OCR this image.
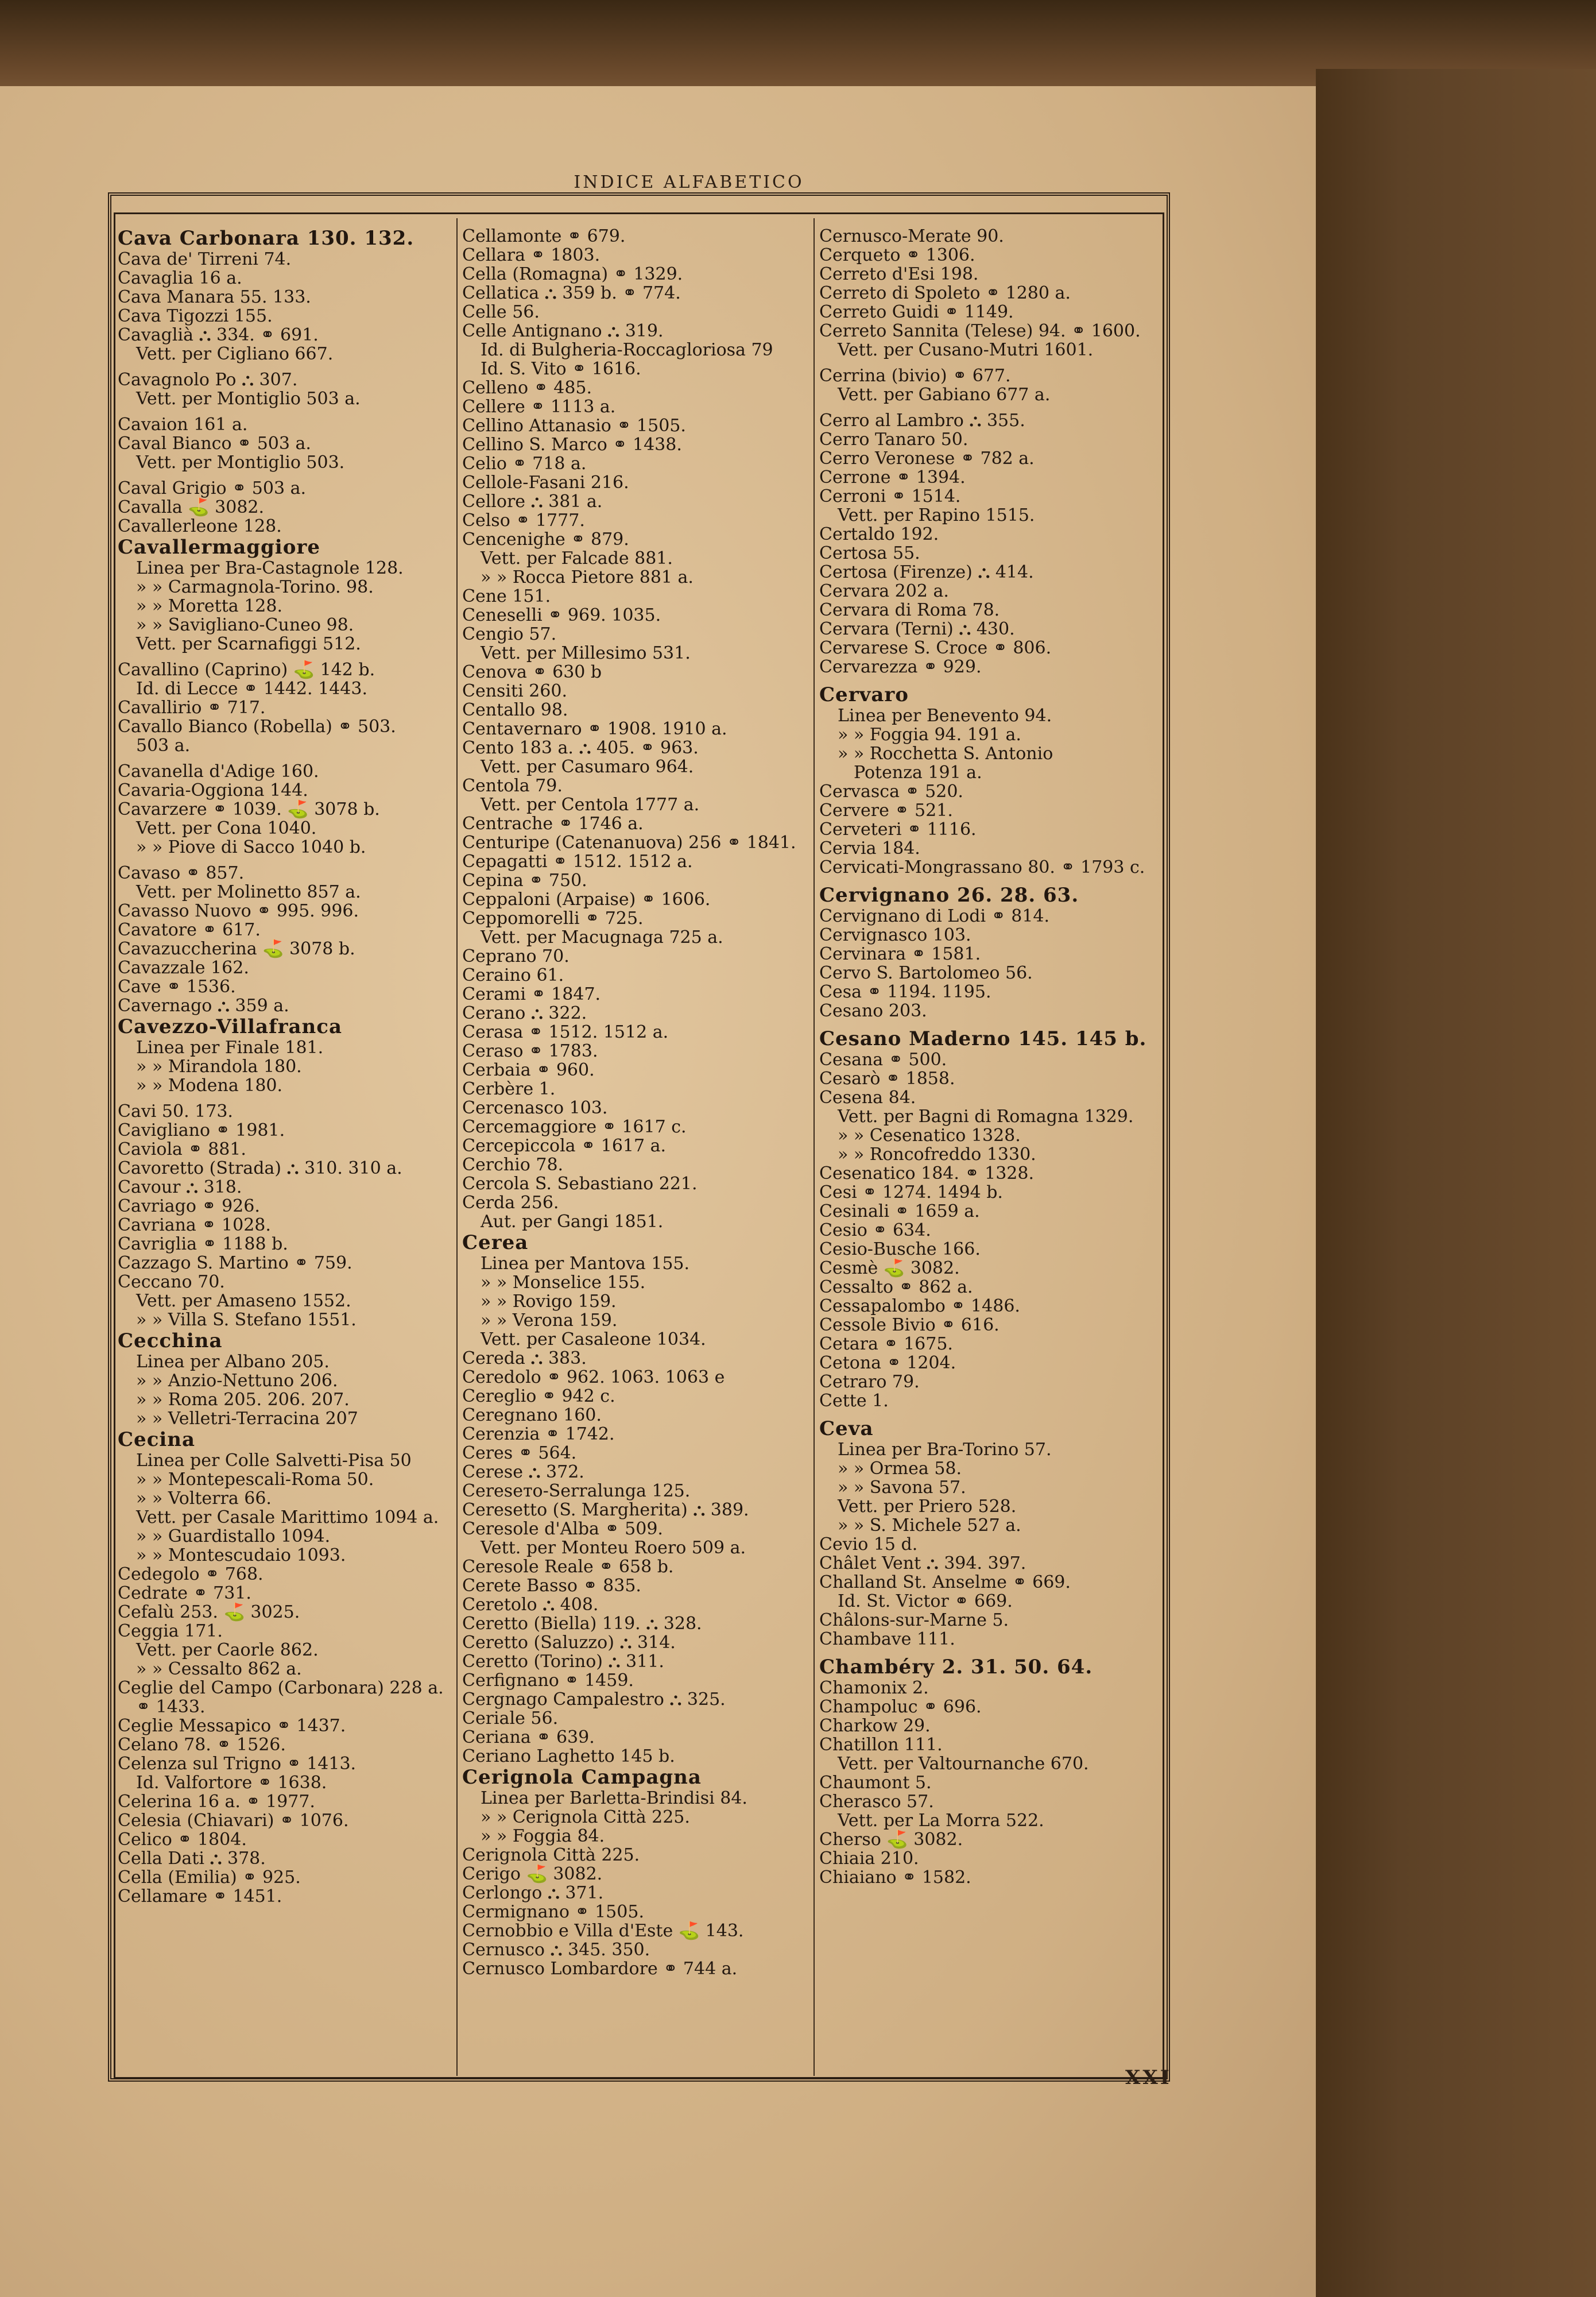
INDICE ALFABETICO
Cava Carbonara 130. 132.
Cava de' Tirreni 74.
Cavaglia 16 a.
Cava Manara 55. 133.
Cava Tigozzi 155.
Cavaglià ⛬ 334. ⚭ 691.
Vett. per Cigliano 667.
Cavagnolo Po ⛬ 307.
Vett. per Montiglio 503 a.
Cavaion 161 a.
Caval Bianco ⚭ 503 a.
Vett. per Montiglio 503.
Caval Grigio ⚭ 503 a.
Cavalla ⛳ 3082.
Cavallerleone 128.
Cavallermaggiore
Linea per Bra-Castagnole 128.
» » Carmagnola-Torino. 98.
» » Moretta 128.
» » Savigliano-Cuneo 98.
Vett. per Scarnafiggi 512.
Cavallino (Caprino) ⛳ 142 b.
Id. di Lecce ⚭ 1442. 1443.
Cavallirio ⚭ 717.
Cavallo Bianco (Robella) ⚭ 503.
503 a.
Cavanella d'Adige 160.
Cavaria-Oggiona 144.
Cavarzere ⚭ 1039. ⛳ 3078 b.
Vett. per Cona 1040.
» » Piove di Sacco 1040 b.
Cavaso ⚭ 857.
Vett. per Molinetto 857 a.
Cavasso Nuovo ⚭ 995. 996.
Cavatore ⚭ 617.
Cavazuccherina ⛳ 3078 b.
Cavazzale 162.
Cave ⚭ 1536.
Cavernago ⛬ 359 a.
Cavezzo-Villafranca
Linea per Finale 181.
» » Mirandola 180.
» » Modena 180.
Cavi 50. 173.
Cavigliano ⚭ 1981.
Caviola ⚭ 881.
Cavoretto (Strada) ⛬ 310. 310 a.
Cavour ⛬ 318.
Cavriago ⚭ 926.
Cavriana ⚭ 1028.
Cavriglia ⚭ 1188 b.
Cazzago S. Martino ⚭ 759.
Ceccano 70.
Vett. per Amaseno 1552.
» » Villa S. Stefano 1551.
Cecchina
Linea per Albano 205.
» » Anzio-Nettuno 206.
» » Roma 205. 206. 207.
» » Velletri-Terracina 207
Cecina
Linea per Colle Salvetti-Pisa 50
» » Montepescali-Roma 50.
» » Volterra 66.
Vett. per Casale Marittimo 1094 a.
» » Guardistallo 1094.
» » Montescudaio 1093.
Cedegolo ⚭ 768.
Cedrate ⚭ 731.
Cefalù 253. ⛳ 3025.
Ceggia 171.
Vett. per Caorle 862.
» » Cessalto 862 a.
Ceglie del Campo (Carbonara) 228 a.
⚭ 1433.
Ceglie Messapico ⚭ 1437.
Celano 78. ⚭ 1526.
Celenza sul Trigno ⚭ 1413.
Id. Valfortore ⚭ 1638.
Celerina 16 a. ⚭ 1977.
Celesia (Chiavari) ⚭ 1076.
Celico ⚭ 1804.
Cella Dati ⛬ 378.
Cella (Emilia) ⚭ 925.
Cellamare ⚭ 1451.
Cellamonte ⚭ 679.
Cellara ⚭ 1803.
Cella (Romagna) ⚭ 1329.
Cellatica ⛬ 359 b. ⚭ 774.
Celle 56.
Celle Antignano ⛬ 319.
Id. di Bulgheria-Roccagloriosa 79
Id. S. Vito ⚭ 1616.
Celleno ⚭ 485.
Cellere ⚭ 1113 a.
Cellino Attanasio ⚭ 1505.
Cellino S. Marco ⚭ 1438.
Celio ⚭ 718 a.
Cellole-Fasani 216.
Cellore ⛬ 381 a.
Celso ⚭ 1777.
Cencenighe ⚭ 879.
Vett. per Falcade 881.
» » Rocca Pietore 881 a.
Cene 151.
Ceneselli ⚭ 969. 1035.
Cengio 57.
Vett. per Millesimo 531.
Cenova ⚭ 630 b
Censiti 260.
Centallo 98.
Centavernaro ⚭ 1908. 1910 a.
Cento 183 a. ⛬ 405. ⚭ 963.
Vett. per Casumaro 964.
Centola 79.
Vett. per Centola 1777 a.
Centrache ⚭ 1746 a.
Centuripe (Catenanuova) 256 ⚭ 1841.
Cepagatti ⚭ 1512. 1512 a.
Cepina ⚭ 750.
Ceppaloni (Arpaise) ⚭ 1606.
Ceppomorelli ⚭ 725.
Vett. per Macugnaga 725 a.
Ceprano 70.
Ceraino 61.
Cerami ⚭ 1847.
Cerano ⛬ 322.
Cerasa ⚭ 1512. 1512 a.
Ceraso ⚭ 1783.
Cerbaia ⚭ 960.
Cerbère 1.
Cercenasco 103.
Cercemaggiore ⚭ 1617 c.
Cercepiccola ⚭ 1617 a.
Cerchio 78.
Cercola S. Sebastiano 221.
Cerda 256.
Aut. per Gangi 1851.
Cerea
Linea per Mantova 155.
» » Monselice 155.
» » Rovigo 159.
» » Verona 159.
Vett. per Casaleone 1034.
Cereda ⛬ 383.
Ceredolo ⚭ 962. 1063. 1063 e
Cereglio ⚭ 942 c.
Ceregnano 160.
Cerenzia ⚭ 1742.
Ceres ⚭ 564.
Cerese ⛬ 372.
Ceresето-Serralunga 125.
Ceresetto (S. Margherita) ⛬ 389.
Ceresole d'Alba ⚭ 509.
Vett. per Monteu Roero 509 a.
Ceresole Reale ⚭ 658 b.
Cerete Basso ⚭ 835.
Ceretolo ⛬ 408.
Ceretto (Biella) 119. ⛬ 328.
Ceretto (Saluzzo) ⛬ 314.
Ceretto (Torino) ⛬ 311.
Cerfignano ⚭ 1459.
Cergnago Campalestro ⛬ 325.
Ceriale 56.
Ceriana ⚭ 639.
Ceriano Laghetto 145 b.
Cerignola Campagna
Linea per Barletta-Brindisi 84.
» » Cerignola Città 225.
» » Foggia 84.
Cerignola Città 225.
Cerigo ⛳ 3082.
Cerlongo ⛬ 371.
Cermignano ⚭ 1505.
Cernobbio e Villa d'Este ⛳ 143.
Cernusco ⛬ 345. 350.
Cernusco Lombardore ⚭ 744 a.
Cernusco-Merate 90.
Cerqueto ⚭ 1306.
Cerreto d'Esi 198.
Cerreto di Spoleto ⚭ 1280 a.
Cerreto Guidi ⚭ 1149.
Cerreto Sannita (Telese) 94. ⚭ 1600.
Vett. per Cusano-Mutri 1601.
Cerrina (bivio) ⚭ 677.
Vett. per Gabiano 677 a.
Cerro al Lambro ⛬ 355.
Cerro Tanaro 50.
Cerro Veronese ⚭ 782 a.
Cerrone ⚭ 1394.
Cerroni ⚭ 1514.
Vett. per Rapino 1515.
Certaldo 192.
Certosa 55.
Certosa (Firenze) ⛬ 414.
Cervara 202 a.
Cervara di Roma 78.
Cervara (Terni) ⛬ 430.
Cervarese S. Croce ⚭ 806.
Cervarezza ⚭ 929.
Cervaro
Linea per Benevento 94.
» » Foggia 94. 191 a.
» » Rocchetta S. Antonio
Potenza 191 a.
Cervasca ⚭ 520.
Cervere ⚭ 521.
Cerveteri ⚭ 1116.
Cervia 184.
Cervicati-Mongrassano 80. ⚭ 1793 c.
Cervignano 26. 28. 63.
Cervignano di Lodi ⚭ 814.
Cervignasco 103.
Cervinara ⚭ 1581.
Cervo S. Bartolomeo 56.
Cesa ⚭ 1194. 1195.
Cesano 203.
Cesano Maderno 145. 145 b.
Cesana ⚭ 500.
Cesarò ⚭ 1858.
Cesena 84.
Vett. per Bagni di Romagna 1329.
» » Cesenatico 1328.
» » Roncofreddo 1330.
Cesenatico 184. ⚭ 1328.
Cesi ⚭ 1274. 1494 b.
Cesinali ⚭ 1659 a.
Cesio ⚭ 634.
Cesio-Busche 166.
Cesmè ⛳ 3082.
Cessalto ⚭ 862 a.
Cessapalombo ⚭ 1486.
Cessole Bivio ⚭ 616.
Cetara ⚭ 1675.
Cetona ⚭ 1204.
Cetraro 79.
Cette 1.
Ceva
Linea per Bra-Torino 57.
» » Ormea 58.
» » Savona 57.
Vett. per Priero 528.
» » S. Michele 527 a.
Cevio 15 d.
Châlet Vent ⛬ 394. 397.
Challand St. Anselme ⚭ 669.
Id. St. Victor ⚭ 669.
Châlons-sur-Marne 5.
Chambave 111.
Chambéry 2. 31. 50. 64.
Chamonix 2.
Champoluc ⚭ 696.
Charkow 29.
Chatillon 111.
Vett. per Valtournanche 670.
Chaumont 5.
Cherasco 57.
Vett. per La Morra 522.
Cherso ⛳ 3082.
Chiaia 210.
Chiaiano ⚭ 1582.
XXI
